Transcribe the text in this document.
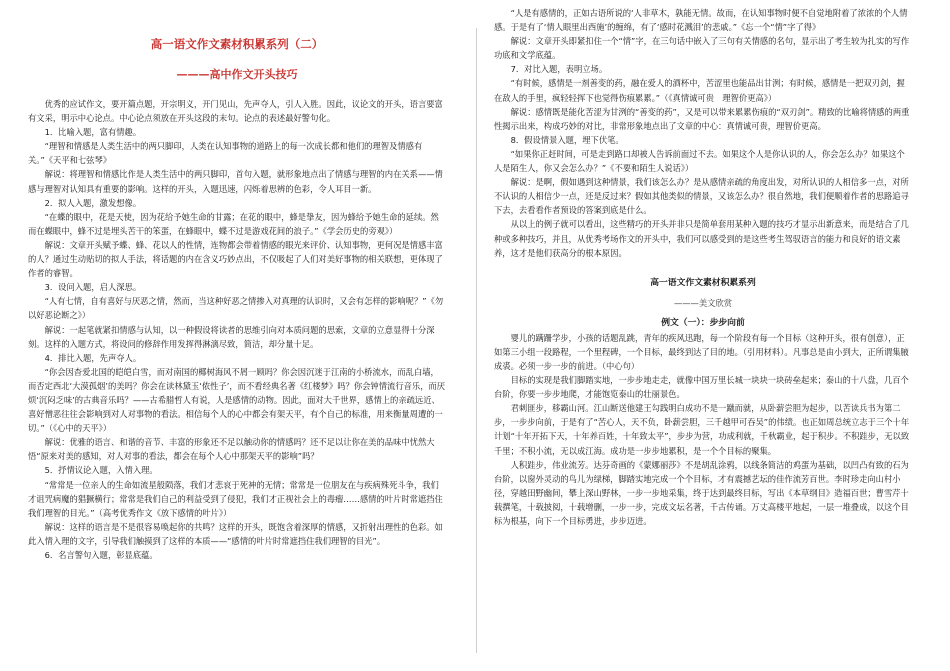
高一语文作文素材积累系列（二）
———高中作文开头技巧

优秀的应试作文，要开篇点题，开宗明义，开门见山，先声夺人，引人入胜。因此，议论文的开头，语言要富有文采，明示中心论点。中心论点须放在开头这段的末句。论点的表述最好警句化。

1．比喻入题，富有情趣。

“理智和情感是人类生活中的两只脚印，人类在认知事物的道路上的每一次成长都和他们的理智及情感有关。”《天平和七弦琴》

解说：将理智和情感比作是人类生活中的两只脚印，首句入题，就形象地点出了情感与理智的内在关系——情感与理智对认知具有重要的影响。这样的开头，入题迅速，闪烁着思辨的色彩，令人耳目一新。

2．拟人入题，激发想像。

“在蝶的眼中，花是天使，因为花给予她生命的甘露；在花的眼中，蜂是挚友，因为蜂给予她生命的延续。然而在蝶眼中，蜂不过是埋头苦干的笨蛋，在蜂眼中，蝶不过是游戏花间的浪子。”《学会历史的旁观》）

解说：文章开头赋予蝶、蜂、花以人的性情，连物都会带着情感的眼光来评价、认知事物，更何况是情感丰富的人？通过生动贴切的拟人手法，将话题的内在含义巧妙点出，不仅吸起了人们对美好事物的相关联想，更体现了作者的睿智。

3．设问入题，启人深思。

“人有七情，自有喜好与厌恶之情，然而，当这种好恶之情掺入对真理的认识时，又会有怎样的影响呢？”《勿以好恶论断之》）

解说：一起笔就紧扣情感与认知，以一种假设将读者的思维引向对本质问题的思索，文章的立意显得十分深刻。这样的入题方式，将设问的修辞作用发挥得淋漓尽致，简洁，却分量十足。

4．排比入题，先声夺人。

“你会因杳爱北国的皑皑白雪，而对南国的椰树海风不屑一顾吗？你会因沉迷于江南的小桥流水，而乱白墙，而否定西北‘大漠孤烟’的美吗？你会在读林黛玉‘侬性子’，而不看经典名著《红楼梦》吗？你会钟情流行音乐，而厌烦‘沉闷乏味’的古典音乐吗？——古希腊哲人有说，人是感情的动物。因此，面对大千世界，感情上的亲疏远近、喜好憎恶往往会影响到对人对事物的看法。相信每个人的心中都会有架天平，有个自己的标准，用来衡量周遭的一切。”（《心中的天平》）

解说：优雅的语言、和谐的音节、丰富的形象还不足以触动你的情感吗？还不足以让你在美的品味中忧然大悟“原来对美的感知，对人对事的看法，都会在每个人心中那架天平的影响”吗？

5．抒情议论入题，入情入理。

“常常是一位亲人的生命如流星般陨落，我们才悲哀于死神的无情；常常是一位朋友在与疾病殊死斗争，我们才诅咒病魔的猖獗横行；常常是我们自己的利益受到了侵犯，我们才正视社会上的毒瘤……感情的叶片时常遮挡住我们理智的目光。”（高考优秀作文《放下感情的叶片》）

解说：这样的语言是不是很容易唤起你的共鸣？这样的开头，既饱含着深厚的情感，又折射出理性的色彩。如此入情入理的文字，引导我们触摸到了这样的本质——“感情的叶片时常遮挡住我们理智的目光”。

6．名言警句入题，彰显底蕴。

“人是有感情的，正如古语所说的‘人非草木，孰能无情。故而，在认知事物时便不自觉地附着了浓浓的个人情感。于是有了‘情人眼里出西施’的缠绵，有了‘感时花溅泪’的悲戚。”《忘一个“情”字了得》

解说：文章开头即紧扣住一个“情”字，在三句话中嵌入了三句有关情感的名句，显示出了考生较为扎实的写作功底和文学底蕴。

7．对比入题，表明立场。

“有时候，感情是一剂善变的药，融在爱人的酒杯中，苦涩里也能品出甘洌；有时候，感情是一把双刃剑，握在敌人的手里，疯轻轻挥下也觉得伤痕累累。”（《真情诚可贵　理智价更高》）

解说：感情既是能化苦涩为甘洌的“善变的药”，又是可以带来累累伤痕的“双刃剑”。精致的比喻将情感的两重性揭示出来，构成巧妙的对比，非常形象地点出了文章的中心：真情诚可贵，理智价更高。

8．假设情景入题，埋下伏笔。

“如果你正赶时间，可是走到路口却被人告诉前面过不去。如果这个人是你认识的人，你会怎么办？如果这个人是陌生人，你又会怎么办？”《不要和陌生人说话》）

解说：是啊，假如遇到这种情景，我们该怎么办？是从感情亲疏的角度出发，对所认识的人相信多一点，对所不认识的人相信少一点，还是反过来？假如其他类似的情景，又该怎么办？很自然地，我们便顺着作者的思路追寻下去，去看看作者预设的答案到底是什么。

从以上的例子就可以看出，这些精巧的开头并非只是简单套用某种入题的技巧才显示出新意来，而是结合了几种或多种技巧，并且，从优秀考场作文的开头中，我们可以感受到的是这些考生驾驭语言的能力和良好的语文素养，这才是他们获高分的根本原因。

高一语文作文素材积累系列
———美文欣赏
例文（一）：步步向前

婴儿的蹒跚学步，小孩的话题乱跳，青年的疾风迅跑，每一个阶段有每一个目标（这种开头，很有创意），正如第三小组一段路程，一个里程碑，一个目标，最终到达了目的地。（引用材料）。凡事总是由小到大，正所谓集腋成裘。必须一步一步的前进。（中心句）

目标的实现是我们脚踏实地，一步步地走走，就像中国万里长城一块块一块砖垒起来；泰山的十八盘，几百个台阶，你要一步步地爬，才能饱览泰山的壮丽景色。

君刺匪步，移霸山河。江山断送他建王勾践明白成功不是一蹴而就，从卧薪尝胆为起步，以苦读兵书为第二步，一步步向前，于是有了“苦心人，天不负，卧薪尝胆，三千越甲可吞吴”的伟绩。也正如周总统立志于三个十年计划“十年开拓下天，十年养百姓，十年致太平”，步步为营，功成利就，千秋霸业，起于积步。不积跬步，无以致千里；不积小流，无以成江海。成功是一步步地累积，是一个个目标的聚集。

人积跬步，伟业流芳。达芬奇画的《蒙娜丽莎》不是胡乱涂鸦，以线条简洁的鸡蛋为基础，以凹凸有致的石为台阶，以窗外灵动的鸟儿为绿梯，脚踏实地完成一个个目标，才有震撼艺坛的佳作流芳百世。李时珍走向山村小径，穿越田野幽间，攀上深山野林，一步一步地采集，终于达到最终目标，写出《本草纲目》造福百世；曹雪芹十载撰笔，十载披阅，十载增删，一步一步，完成文坛名著，千古传诵。万丈高楼平地起，一层一堆叠成，以这个目标为根基，向下一个目标勇进，步步迈进。
